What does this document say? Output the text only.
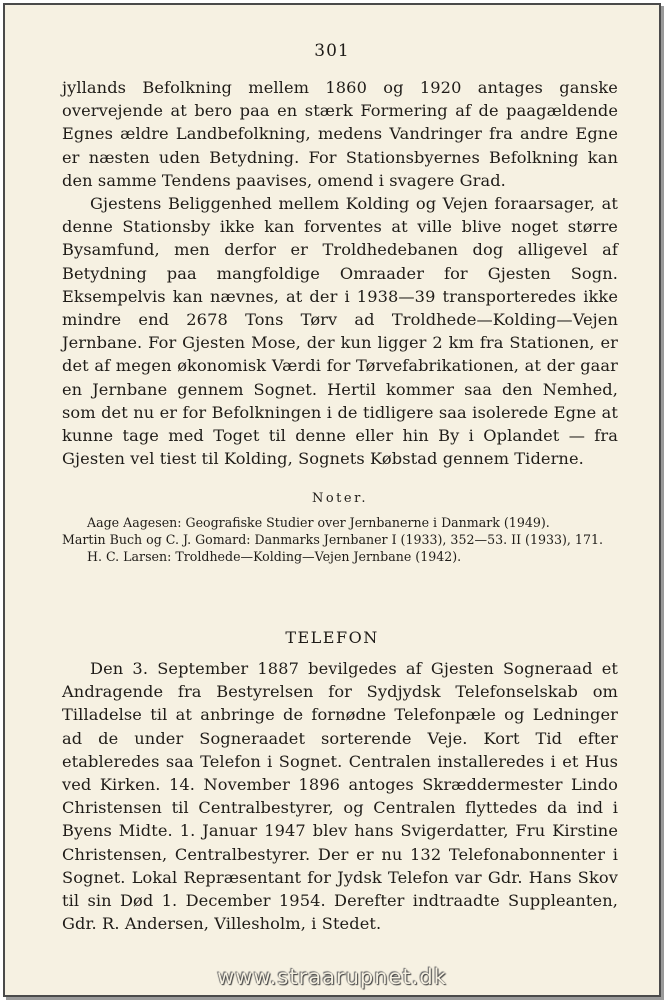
301

jyllands Befolkning mellem 1860 og 1920 antages ganske overvejende at bero paa en stærk Formering af de paagældende Egnes ældre Landbefolkning, medens Vandringer fra andre Egne er næsten uden Betydning. For Stationsbyernes Befolkning kan den samme Tendens paavises, omend i svagere Grad.

Gjestens Beliggenhed mellem Kolding og Vejen foraarsager, at denne Stationsby ikke kan forventes at ville blive noget større Bysamfund, men derfor er Troldhedebanen dog alligevel af Betydning paa mangfoldige Omraader for Gjesten Sogn. Eksempelvis kan nævnes, at der i 1938—39 transporteredes ikke mindre end 2678 Tons Tørv ad Troldhede—Kolding—Vejen Jernbane. For Gjesten Mose, der kun ligger 2 km fra Stationen, er det af megen økonomisk Værdi for Tørvefabrikationen, at der gaar en Jernbane gennem Sognet. Hertil kommer saa den Nemhed, som det nu er for Befolkningen i de tidligere saa isolerede Egne at kunne tage med Toget til denne eller hin By i Oplandet — fra Gjesten vel tiest til Kolding, Sognets Købstad gennem Tiderne.

Noter.

Aage Aagesen: Geografiske Studier over Jernbanerne i Danmark (1949).

Martin Buch og C. J. Gomard: Danmarks Jernbaner I (1933), 352—53. II (1933), 171.

H. C. Larsen: Troldhede—Kolding—Vejen Jernbane (1942).

TELEFON

Den 3. September 1887 bevilgedes af Gjesten Sogneraad et Andragende fra Bestyrelsen for Sydjydsk Telefonselskab om Tilladelse til at anbringe de fornødne Telefonpæle og Ledninger ad de under Sogneraadet sorterende Veje. Kort Tid efter etableredes saa Telefon i Sognet. Centralen installeredes i et Hus ved Kirken. 14. November 1896 antoges Skræddermester Lindo Christensen til Centralbestyrer, og Centralen flyttedes da ind i Byens Midte. 1. Januar 1947 blev hans Svigerdatter, Fru Kirstine Christensen, Centralbestyrer. Der er nu 132 Telefonabonnenter i Sognet. Lokal Repræsentant for Jydsk Telefon var Gdr. Hans Skov til sin Død 1. December 1954. Derefter indtraadte Suppleanten, Gdr. R. Andersen, Villesholm, i Stedet.

www.straarupnet.dk
